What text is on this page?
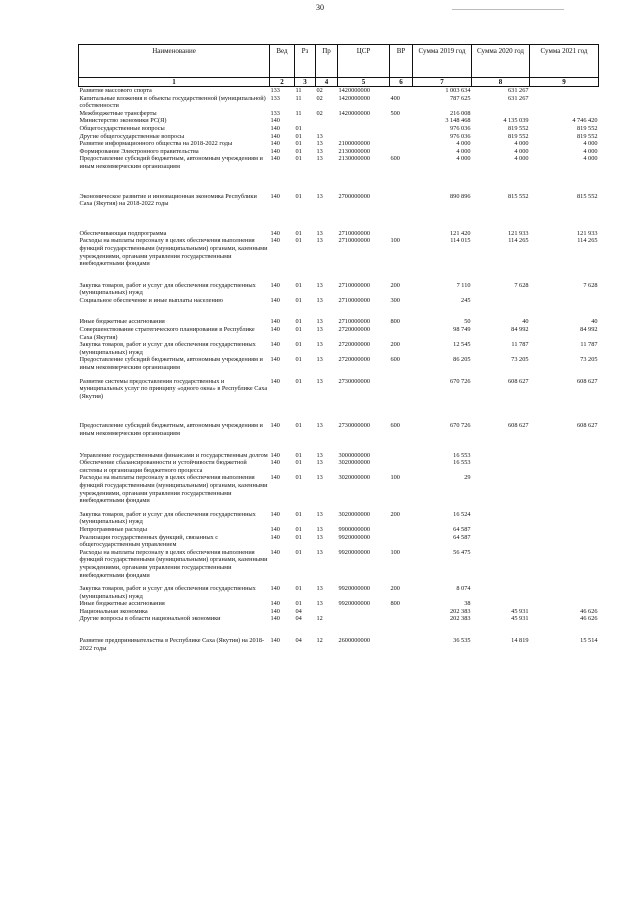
30
Наименование	Вед	Рз	Пр	ЦСР	ВР	Сумма 2019 год	Сумма 2020 год	Сумма 2021 год
1	2	3	4	5	6	7	8	9
Развитие массового спорта	133	11	02	1420000000		1 003 634	631 267	
Капитальные вложения в объекты государственной (муниципальной) собственности	133	11	02	1420000000	400	787 625	631 267	
Межбюджетные трансферты	133	11	02	1420000000	500	216 008		
Министерство экономики РС(Я)	140					3 148 468	4 135 039	4 746 420
Общегосударственные вопросы	140	01				976 036	819 552	819 552
Другие общегосударственные вопросы	140	01	13			976 036	819 552	819 552
Развитие информационного общества на 2018-2022 годы	140	01	13	2100000000		4 000	4 000	4 000
Формирование Электронного правительства	140	01	13	2130000000		4 000	4 000	4 000
Предоставление субсидий бюджетным, автономным учреждениям и иным некоммерческим организациям	140	01	13	2130000000	600	4 000	4 000	4 000

Экономическое развитие и инновационная экономика Республики Саха (Якутия) на 2018-2022 годы	140	01	13	2700000000		890 896	815 552	815 552

Обеспечивающая подпрограмма	140	01	13	2710000000		121 420	121 933	121 933
Расходы на выплаты персоналу в целях обеспечения выполнения функций государственными (муниципальными) органами, казенными учреждениями, органами управления государственными внебюджетными фондами	140	01	13	2710000000	100	114 015	114 265	114 265

Закупка товаров, работ и услуг для обеспечения государственных (муниципальных) нужд	140	01	13	2710000000	200	7 110	7 628	7 628
Социальное обеспечение и иные выплаты населению	140	01	13	2710000000	300	245		

Иные бюджетные ассигнования	140	01	13	2710000000	800	50	40	40
Совершенствование стратегического планирования в Республике Саха (Якутия)	140	01	13	2720000000		98 749	84 992	84 992
Закупка товаров, работ и услуг для обеспечения государственных (муниципальных) нужд	140	01	13	2720000000	200	12 545	11 787	11 787
Предоставление субсидий бюджетным, автономным учреждениям и иным некоммерческим организациям	140	01	13	2720000000	600	86 205	73 205	73 205

Развитие системы предоставления государственных и муниципальных услуг по принципу «одного окна» в Республике Саха (Якутия)	140	01	13	2730000000		670 726	608 627	608 627

Предоставление субсидий бюджетным, автономным учреждениям и иным некоммерческим организациям	140	01	13	2730000000	600	670 726	608 627	608 627

Управление государственными финансами и государственным долгом	140	01	13	3000000000		16 553		
Обеспечение сбалансированности и устойчивости бюджетной системы и организация бюджетного процесса	140	01	13	3020000000		16 553		
Расходы на выплаты персоналу в целях обеспечения выполнения функций государственными (муниципальными) органами, казенными учреждениями, органами управления государственными внебюджетными фондами	140	01	13	3020000000	100	29		

Закупка товаров, работ и услуг для обеспечения государственных (муниципальных) нужд	140	01	13	3020000000	200	16 524		
Непрограммные расходы	140	01	13	9900000000		64 587		
Реализация государственных функций, связанных с общегосударственным управлением	140	01	13	9920000000		64 587		
Расходы на выплаты персоналу в целях обеспечения выполнения функций государственными (муниципальными) органами, казенными учреждениями, органами управления государственными внебюджетными фондами	140	01	13	9920000000	100	56 475		

Закупка товаров, работ и услуг для обеспечения государственных (муниципальных) нужд	140	01	13	9920000000	200	8 074		
Иные бюджетные ассигнования	140	01	13	9920000000	800	38		
Национальная экономика	140	04				202 383	45 931	46 626
Другие вопросы в области национальной экономики	140	04	12			202 383	45 931	46 626

Развитие предпринимательства в Республике Саха (Якутия) на 2018-2022 годы	140	04	12	2600000000		36 535	14 819	15 514
